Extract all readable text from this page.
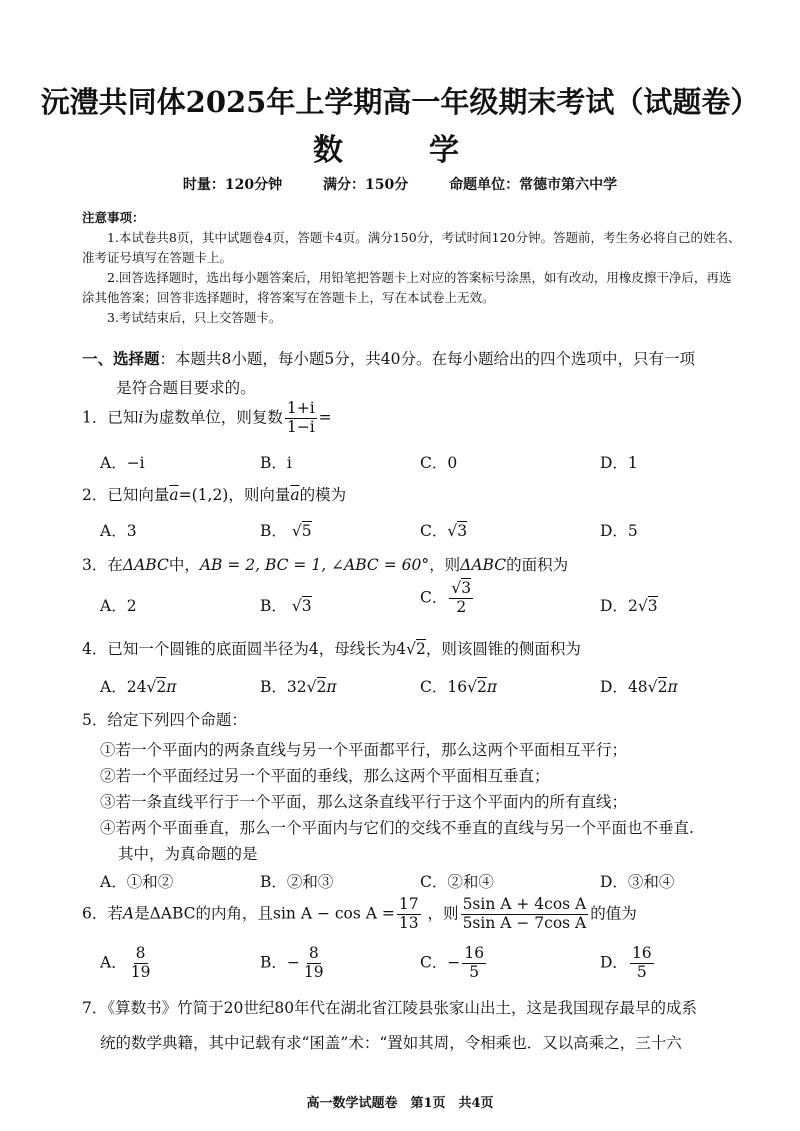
沅澧共同体2025年上学期高一年级期末考试（试题卷）
数　学
时量：120分钟	满分：150分	命题单位：常德市第六中学
注意事项：

1.本试卷共8页，其中试题卷4页，答题卡4页。满分150分，考试时间120分钟。答题前，考生务必将自己的姓名、准考证号填写在答题卡上。

2.回答选择题时，选出每小题答案后，用铅笔把答题卡上对应的答案标号涂黑，如有改动，用橡皮擦干净后，再选涂其他答案；回答非选择题时，将答案写在答题卡上，写在本试卷上无效。

3.考试结束后，只上交答题卡。

一、选择题：本题共8小题，每小题5分，共40分。在每小题给出的四个选项中，只有一项
是符合题目要求的。
1．已知i为虚数单位，则复数 $\frac{1+i}{1-i}$ =
A．−i	B．i	C．0	D．1
2．已知向量$\overline{a}=(1,2)$，则向量$\overline{a}$的模为
A．3	B． √5	C．√3	D．5
3．在ΔABC中，AB = 2, BC = 1, ∠ABC = 60°，则ΔABC的面积为
A．2	B． √3	C． $\frac{√3}{2}$	D．2√3
4．已知一个圆锥的底面圆半径为4，母线长为4√2，则该圆锥的侧面积为
A．24√2π	B．32√2π	C．16√2π	D．48√2π
5．给定下列四个命题：
①若一个平面内的两条直线与另一个平面都平行，那么这两个平面相互平行；
②若一个平面经过另一个平面的垂线，那么这两个平面相互垂直；
③若一条直线平行于一个平面，那么这条直线平行于这个平面内的所有直线；
④若两个平面垂直，那么一个平面内与它们的交线不垂直的直线与另一个平面也不垂直.
其中，为真命题的是
A．①和②	B．②和③	C．②和④	D．③和④
6．若A是ΔABC的内角，且$\sin A - \cos A = \frac{17}{13}$ ，则 $\frac{\text{5sin A + 4cos A}}{\text{5sin A − 7cos A}}$ 的值为
A． $\frac{8}{19}$	B．− $\frac{8}{19}$	C．− $\frac{16}{5}$	D． $\frac{16}{5}$
7．《算数书》竹简于20世纪80年代在湖北省江陵县张家山出土，这是我国现存最早的成系
统的数学典籍，其中记载有求“囷盖”术：“置如其周，令相乘也．又以高乘之，三十六
高一数学试题卷　第1页　共4页
